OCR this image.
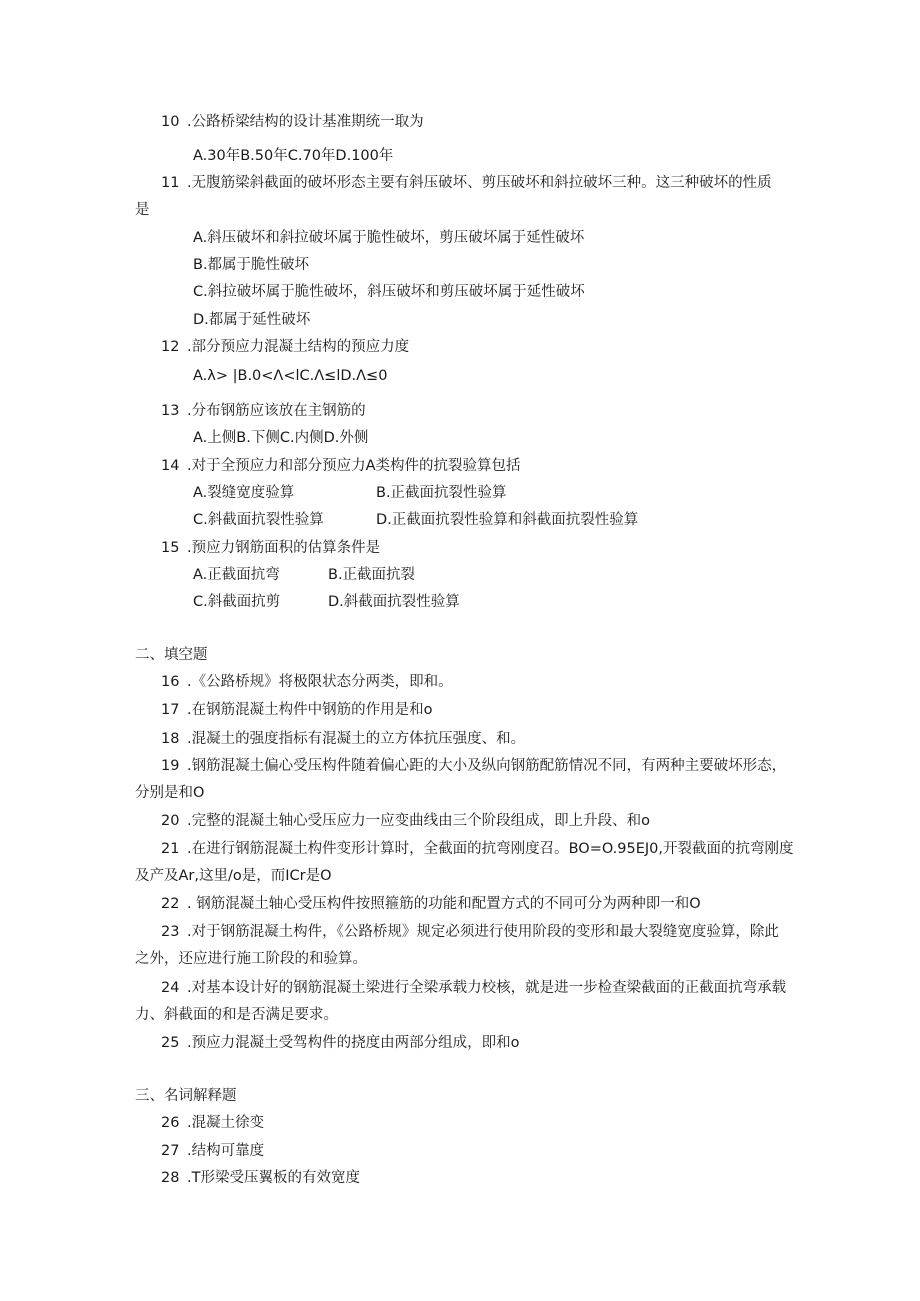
10 .公路桥梁结构的设计基准期统一取为
A.30年B.50年C.70年D.100年
11 .无腹筋梁斜截面的破坏形态主要有斜压破坏、剪压破坏和斜拉破坏三种。这三种破坏的性质
是
A.斜压破坏和斜拉破坏属于脆性破坏，剪压破坏属于延性破坏
B.都属于脆性破坏
C.斜拉破坏属于脆性破坏，斜压破坏和剪压破坏属于延性破坏
D.都属于延性破坏
12 .部分预应力混凝土结构的预应力度
A.λ> |B.0<Λ<lC.Λ≤lD.Λ≤0
13 .分布钢筋应该放在主钢筋的
A.上侧B.下侧C.内侧D.外侧
14 .对于全预应力和部分预应力A类构件的抗裂验算包括
A.裂缝宽度验算	B.正截面抗裂性验算
C.斜截面抗裂性验算	D.正截面抗裂性验算和斜截面抗裂性验算
15 .预应力钢筋面积的估算条件是
A.正截面抗弯	B.正截面抗裂
C.斜截面抗剪	D.斜截面抗裂性验算
二、填空题
16 .《公路桥规》将极限状态分两类，即和。
17 .在钢筋混凝土构件中钢筋的作用是和o
18 .混凝土的强度指标有混凝土的立方体抗压强度、和。
19 .钢筋混凝土偏心受压构件随着偏心距的大小及纵向钢筋配筋情况不同，有两种主要破坏形态，
分别是和O
20 .完整的混凝土轴心受压应力一应变曲线由三个阶段组成，即上升段、和o
21 .在进行钢筋混凝土构件变形计算时，全截面的抗弯刚度召。BO=O.95EJ0,开裂截面的抗弯刚度
及产及Ar,这里/o是，而ICr是O
22 . 钢筋混凝土轴心受压构件按照箍筋的功能和配置方式的不同可分为两种即一和O
23 .对于钢筋混凝土构件，《公路桥规》规定必须进行使用阶段的变形和最大裂缝宽度验算，除此
之外，还应进行施工阶段的和验算。
24 .对基本设计好的钢筋混凝土梁进行全梁承载力校核，就是进一步检查梁截面的正截面抗弯承载
力、斜截面的和是否满足要求。
25 .预应力混凝土受驾构件的挠度由两部分组成，即和o
三、名词解释题
26 .混凝土徐变
27 .结构可靠度
28 .T形梁受压翼板的有效宽度
